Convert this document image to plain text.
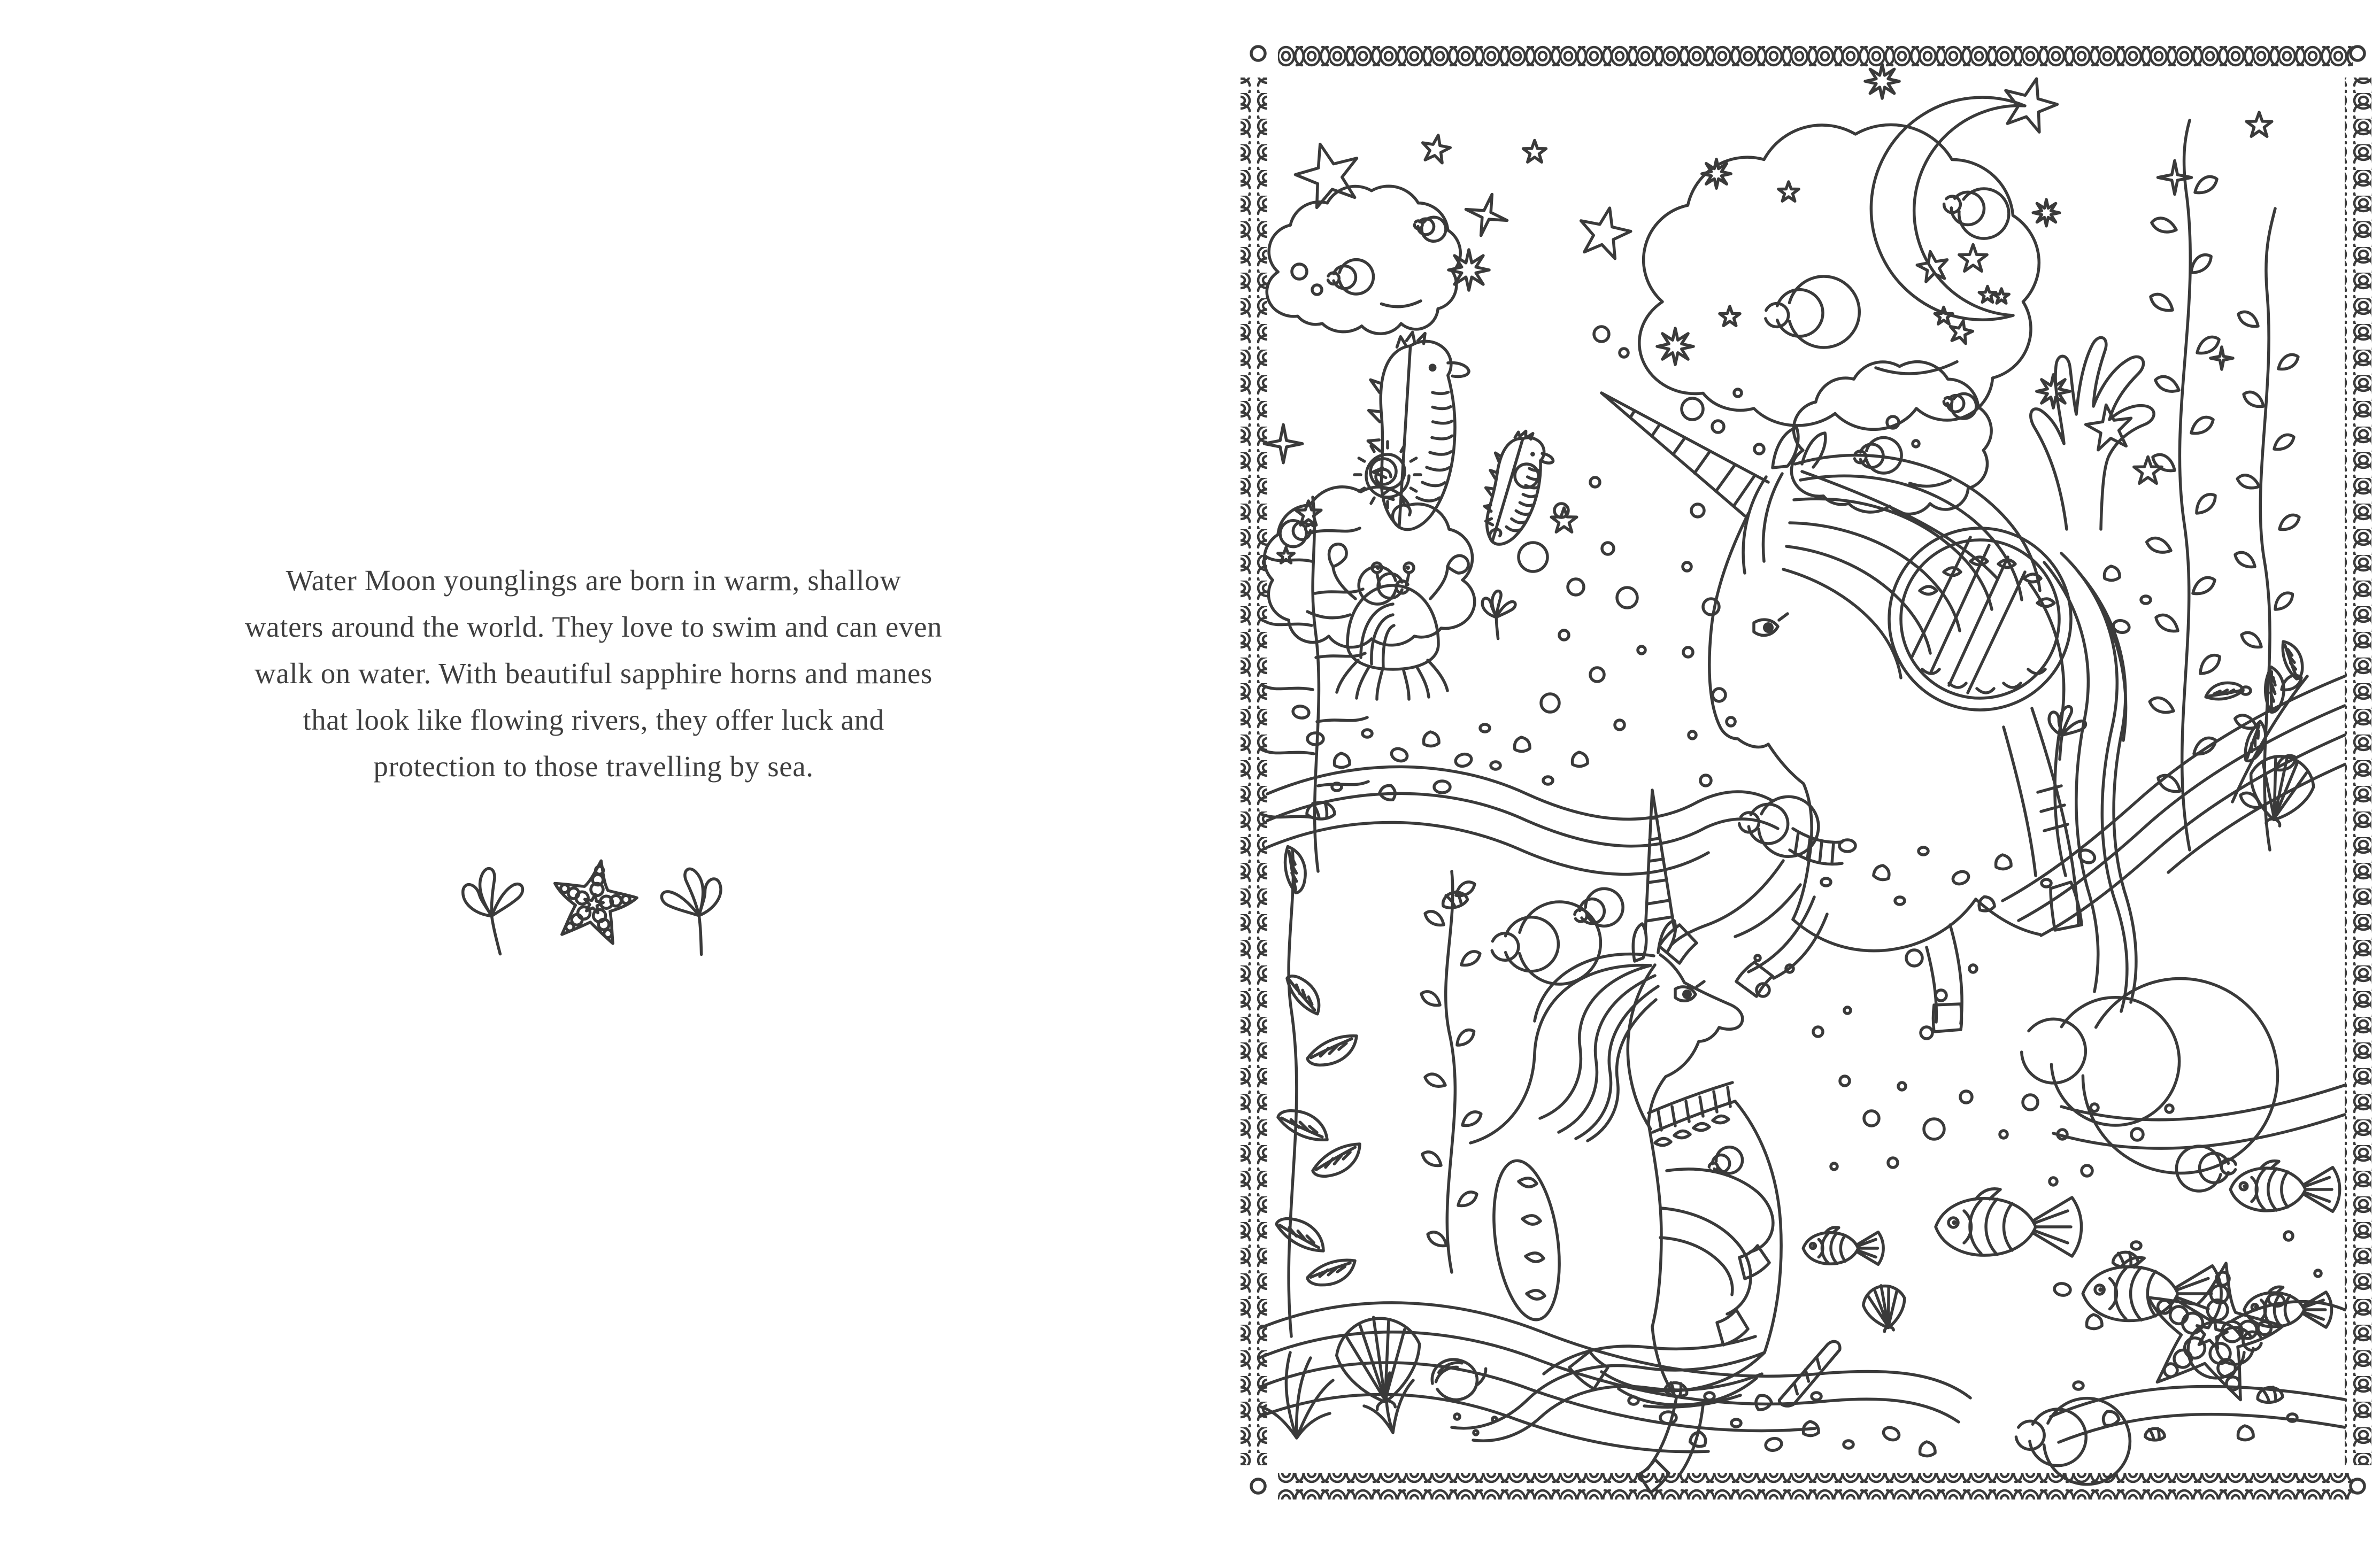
Water Moon younglings are born in warm, shallow
waters around the world. They love to swim and can even
walk on water. With beautiful sapphire horns and manes
that look like flowing rivers, they offer luck and
protection to those travelling by sea.
